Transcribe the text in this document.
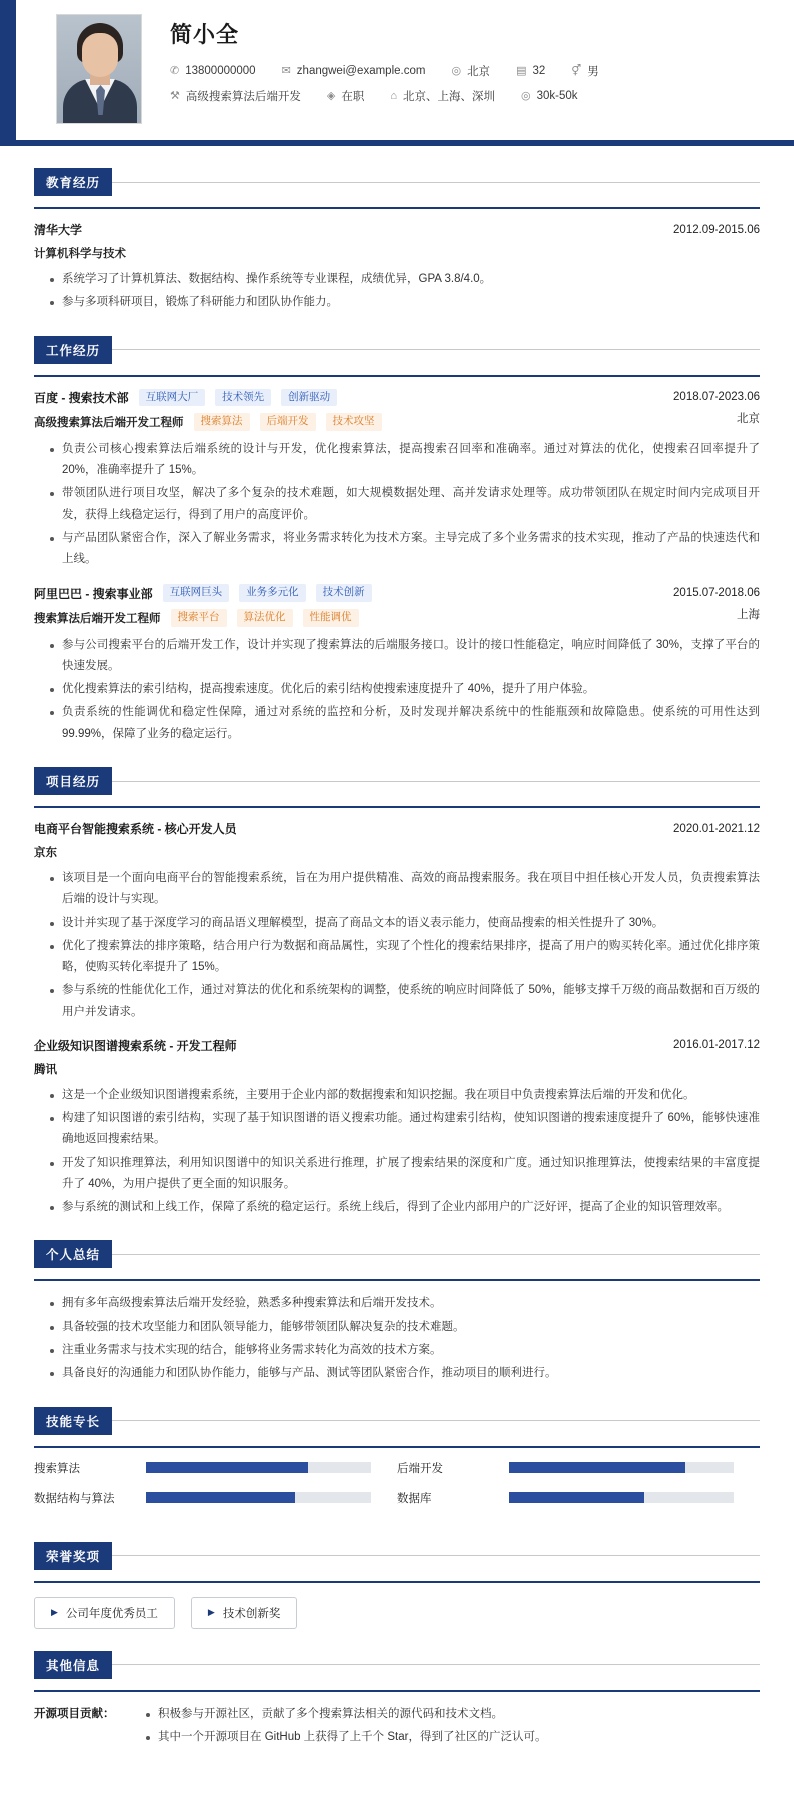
简小全
✆ 13800000000 ✉ zhangwei@example.com ◎ 北京 ▤ 32 ⚥ 男
⚒ 高级搜索算法后端开发 ◈ 在职 ⌂ 北京、上海、深圳 ◎ 30k-50k
教育经历
清华大学	2012.09-2015.06
计算机科学与技术
系统学习了计算机算法、数据结构、操作系统等专业课程，成绩优异，GPA 3.8/4.0。
参与多项科研项目，锻炼了科研能力和团队协作能力。
工作经历
百度 - 搜索技术部	互联网大厂	技术领先	创新驱动	2018.07-2023.06
高级搜索算法后端开发工程师	搜索算法	后端开发	技术攻坚	北京
负责公司核心搜索算法后端系统的设计与开发，优化搜索算法，提高搜索召回率和准确率。通过对算法的优化，使搜索召回率提升了 20%，准确率提升了 15%。
带领团队进行项目攻坚，解决了多个复杂的技术难题，如大规模数据处理、高并发请求处理等。成功带领团队在规定时间内完成项目开发，获得上线稳定运行，得到了用户的高度评价。
与产品团队紧密合作，深入了解业务需求，将业务需求转化为技术方案。主导完成了多个业务需求的技术实现，推动了产品的快速迭代和上线。
阿里巴巴 - 搜索事业部	互联网巨头	业务多元化	技术创新	2015.07-2018.06
搜索算法后端开发工程师	搜索平台	算法优化	性能调优	上海
参与公司搜索平台的后端开发工作，设计并实现了搜索算法的后端服务接口。设计的接口性能稳定，响应时间降低了 30%，支撑了平台的快速发展。
优化搜索算法的索引结构，提高搜索速度。优化后的索引结构使搜索速度提升了 40%，提升了用户体验。
负责系统的性能调优和稳定性保障，通过对系统的监控和分析，及时发现并解决系统中的性能瓶颈和故障隐患。使系统的可用性达到 99.99%，保障了业务的稳定运行。
项目经历
电商平台智能搜索系统 - 核心开发人员	2020.01-2021.12
京东
该项目是一个面向电商平台的智能搜索系统，旨在为用户提供精准、高效的商品搜索服务。我在项目中担任核心开发人员，负责搜索算法后端的设计与实现。
设计并实现了基于深度学习的商品语义理解模型，提高了商品文本的语义表示能力，使商品搜索的相关性提升了 30%。
优化了搜索算法的排序策略，结合用户行为数据和商品属性，实现了个性化的搜索结果排序，提高了用户的购买转化率。通过优化排序策略，使购买转化率提升了 15%。
参与系统的性能优化工作，通过对算法的优化和系统架构的调整，使系统的响应时间降低了 50%，能够支撑千万级的商品数据和百万级的用户并发请求。
企业级知识图谱搜索系统 - 开发工程师	2016.01-2017.12
腾讯
这是一个企业级知识图谱搜索系统，主要用于企业内部的数据搜索和知识挖掘。我在项目中负责搜索算法后端的开发和优化。
构建了知识图谱的索引结构，实现了基于知识图谱的语义搜索功能。通过构建索引结构，使知识图谱的搜索速度提升了 60%，能够快速准确地返回搜索结果。
开发了知识推理算法，利用知识图谱中的知识关系进行推理，扩展了搜索结果的深度和广度。通过知识推理算法，使搜索结果的丰富度提升了 40%，为用户提供了更全面的知识服务。
参与系统的测试和上线工作，保障了系统的稳定运行。系统上线后，得到了企业内部用户的广泛好评，提高了企业的知识管理效率。
个人总结
拥有多年高级搜索算法后端开发经验，熟悉多种搜索算法和后端开发技术。
具备较强的技术攻坚能力和团队领导能力，能够带领团队解决复杂的技术难题。
注重业务需求与技术实现的结合，能够将业务需求转化为高效的技术方案。
具备良好的沟通能力和团队协作能力，能够与产品、测试等团队紧密合作，推动项目的顺利进行。
技能专长
搜索算法	后端开发
数据结构与算法	数据库
荣誉奖项
▶ 公司年度优秀员工	▶ 技术创新奖
其他信息
开源项目贡献：	积极参与开源社区，贡献了多个搜索算法相关的源代码和技术文档。
其中一个开源项目在 GitHub 上获得了上千个 Star，得到了社区的广泛认可。
